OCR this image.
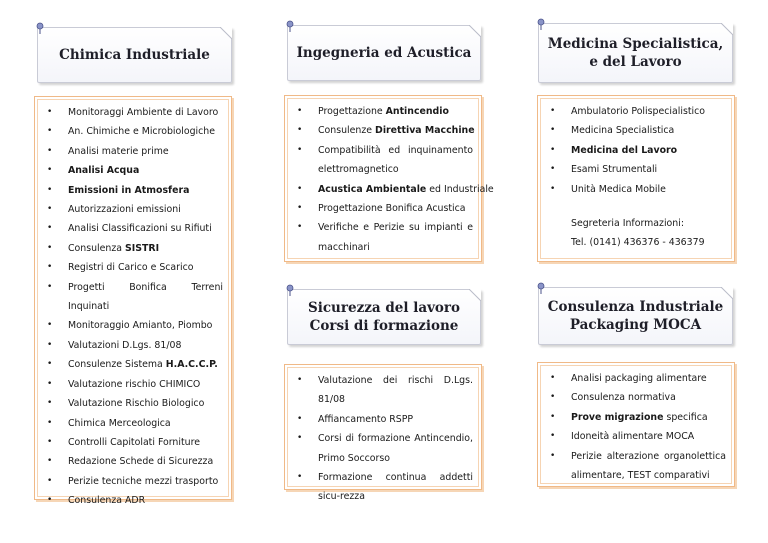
Chimica Industriale
• Monitoraggi Ambiente di Lavoro
• An. Chimiche e Microbiologiche
• Analisi materie prime
• Analisi Acqua
• Emissioni in Atmosfera
• Autorizzazioni emissioni
• Analisi Classificazioni su Rifiuti
• Consulenza SISTRI
• Registri di Carico e Scarico
• Progetti Bonifica Terreni Inquinati
• Monitoraggio Amianto, Piombo
• Valutazioni D.Lgs. 81/08
• Consulenze Sistema H.A.C.C.P.
• Valutazione rischio CHIMICO
• Valutazione Rischio Biologico
• Chimica Merceologica
• Controlli Capitolati Forniture
• Redazione Schede di Sicurezza
• Perizie tecniche mezzi trasporto
• Consulenza ADR
Ingegneria ed Acustica
• Progettazione Antincendio
• Consulenze Direttiva Macchine
• Compatibilità ed inquinamento elettromagnetico
• Acustica Ambientale ed Industriale
• Progettazione Bonifica Acustica
• Verifiche e Perizie su impianti e macchinari
Sicurezza del lavoro
Corsi di formazione
• Valutazione dei rischi D.Lgs. 81/08
• Affiancamento RSPP
• Corsi di formazione Antincendio, Primo Soccorso
• Formazione continua addetti sicu-rezza
Medicina Specialistica,
e del Lavoro
• Ambulatorio Polispecialistico
• Medicina Specialistica
• Medicina del Lavoro
• Esami Strumentali
• Unità Medica Mobile
Segreteria Informazioni:
Tel. (0141) 436376 - 436379
Consulenza Industriale
Packaging MOCA
• Analisi packaging alimentare
• Consulenza normativa
• Prove migrazione specifica
• Idoneità alimentare MOCA
• Perizie alterazione organolettica alimentare, TEST comparativi
